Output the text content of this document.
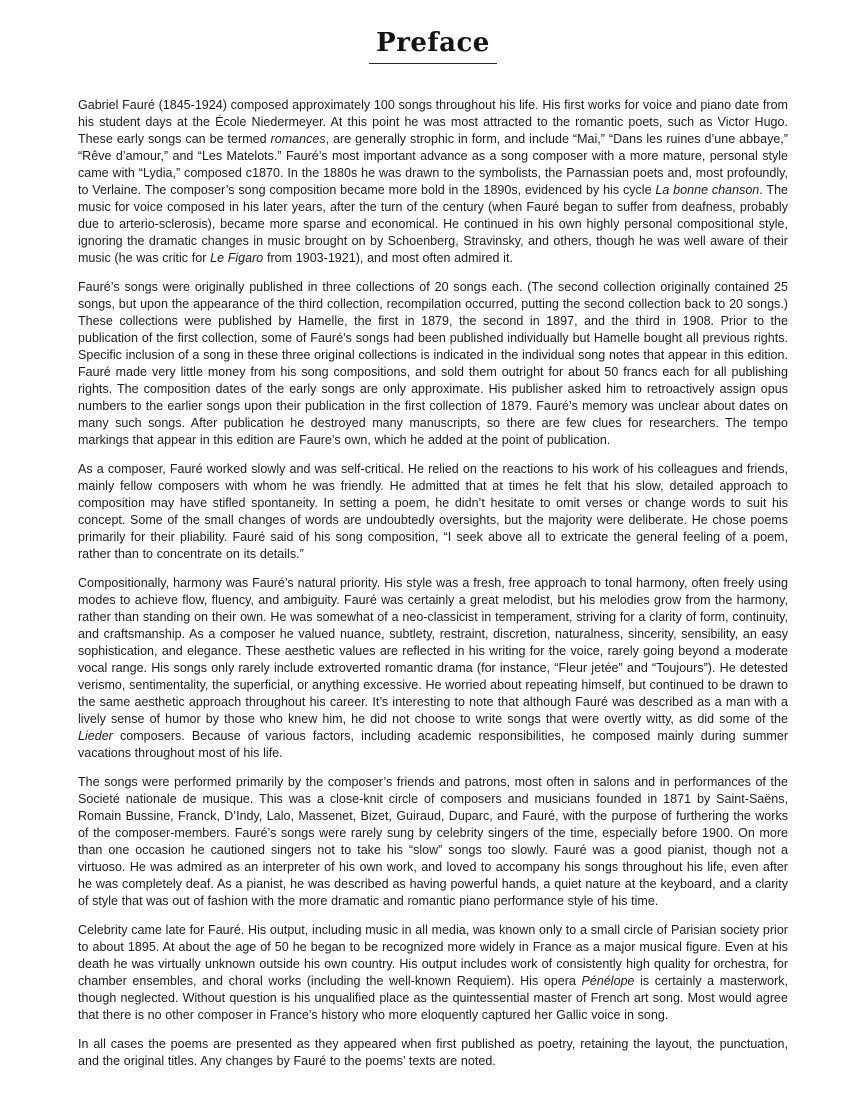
Preface

Gabriel Fauré (1845-1924) composed approximately 100 songs throughout his life. His first works for voice and piano date from his student days at the École Niedermeyer. At this point he was most attracted to the romantic poets, such as Victor Hugo. These early songs can be termed romances, are generally strophic in form, and include “Mai,” “Dans les ruines d’une abbaye,” “Rêve d’amour,” and “Les Matelots.” Fauré’s most important advance as a song composer with a more mature, personal style came with “Lydia,” composed c1870. In the 1880s he was drawn to the symbolists, the Parnassian poets and, most profoundly, to Verlaine. The composer’s song composition became more bold in the 1890s, evidenced by his cycle La bonne chanson. The music for voice composed in his later years, after the turn of the century (when Fauré began to suffer from deafness, probably due to arterio-sclerosis), became more sparse and economical. He continued in his own highly personal compositional style, ignoring the dramatic changes in music brought on by Schoenberg, Stravinsky, and others, though he was well aware of their music (he was critic for Le Figaro from 1903-1921), and most often admired it.

Fauré’s songs were originally published in three collections of 20 songs each. (The second collection originally contained 25 songs, but upon the appearance of the third collection, recompilation occurred, putting the second collection back to 20 songs.) These collections were published by Hamelle, the first in 1879, the second in 1897, and the third in 1908. Prior to the publication of the first collection, some of Fauré’s songs had been published individually but Hamelle bought all previous rights. Specific inclusion of a song in these three original collections is indicated in the individual song notes that appear in this edition. Fauré made very little money from his song compositions, and sold them outright for about 50 francs each for all publishing rights. The composition dates of the early songs are only approximate. His publisher asked him to retroactively assign opus numbers to the earlier songs upon their publication in the first collection of 1879. Fauré’s memory was unclear about dates on many such songs. After publication he destroyed many manuscripts, so there are few clues for researchers. The tempo markings that appear in this edition are Faure’s own, which he added at the point of publication.

As a composer, Fauré worked slowly and was self-critical. He relied on the reactions to his work of his colleagues and friends, mainly fellow composers with whom he was friendly. He admitted that at times he felt that his slow, detailed approach to composition may have stifled spontaneity. In setting a poem, he didn’t hesitate to omit verses or change words to suit his concept. Some of the small changes of words are undoubtedly oversights, but the majority were deliberate. He chose poems primarily for their pliability. Fauré said of his song composition, “I seek above all to extricate the general feeling of a poem, rather than to concentrate on its details.”

Compositionally, harmony was Fauré’s natural priority. His style was a fresh, free approach to tonal harmony, often freely using modes to achieve flow, fluency, and ambiguity. Fauré was certainly a great melodist, but his melodies grow from the harmony, rather than standing on their own. He was somewhat of a neo-classicist in temperament, striving for a clarity of form, continuity, and craftsmanship. As a composer he valued nuance, subtlety, restraint, discretion, naturalness, sincerity, sensibility, an easy sophistication, and elegance. These aesthetic values are reflected in his writing for the voice, rarely going beyond a moderate vocal range. His songs only rarely include extroverted romantic drama (for instance, “Fleur jetée” and “Toujours”). He detested verismo, sentimentality, the superficial, or anything excessive. He worried about repeating himself, but continued to be drawn to the same aesthetic approach throughout his career. It’s interesting to note that although Fauré was described as a man with a lively sense of humor by those who knew him, he did not choose to write songs that were overtly witty, as did some of the Lieder composers. Because of various factors, including academic responsibilities, he composed mainly during summer vacations throughout most of his life.

The songs were performed primarily by the composer’s friends and patrons, most often in salons and in performances of the Societé nationale de musique. This was a close-knit circle of composers and musicians founded in 1871 by Saint-Saëns, Romain Bussine, Franck, D’Indy, Lalo, Massenet, Bizet, Guiraud, Duparc, and Fauré, with the purpose of furthering the works of the composer-members. Fauré’s songs were rarely sung by celebrity singers of the time, especially before 1900. On more than one occasion he cautioned singers not to take his “slow” songs too slowly. Fauré was a good pianist, though not a virtuoso. He was admired as an interpreter of his own work, and loved to accompany his songs throughout his life, even after he was completely deaf. As a pianist, he was described as having powerful hands, a quiet nature at the keyboard, and a clarity of style that was out of fashion with the more dramatic and romantic piano performance style of his time.

Celebrity came late for Fauré. His output, including music in all media, was known only to a small circle of Parisian society prior to about 1895. At about the age of 50 he began to be recognized more widely in France as a major musical figure. Even at his death he was virtually unknown outside his own country. His output includes work of consistently high quality for orchestra, for chamber ensembles, and choral works (including the well-known Requiem). His opera Pénélope is certainly a masterwork, though neglected. Without question is his unqualified place as the quintessential master of French art song. Most would agree that there is no other composer in France’s history who more eloquently captured her Gallic voice in song.

In all cases the poems are presented as they appeared when first published as poetry, retaining the layout, the punctuation, and the original titles. Any changes by Fauré to the poems’ texts are noted.
